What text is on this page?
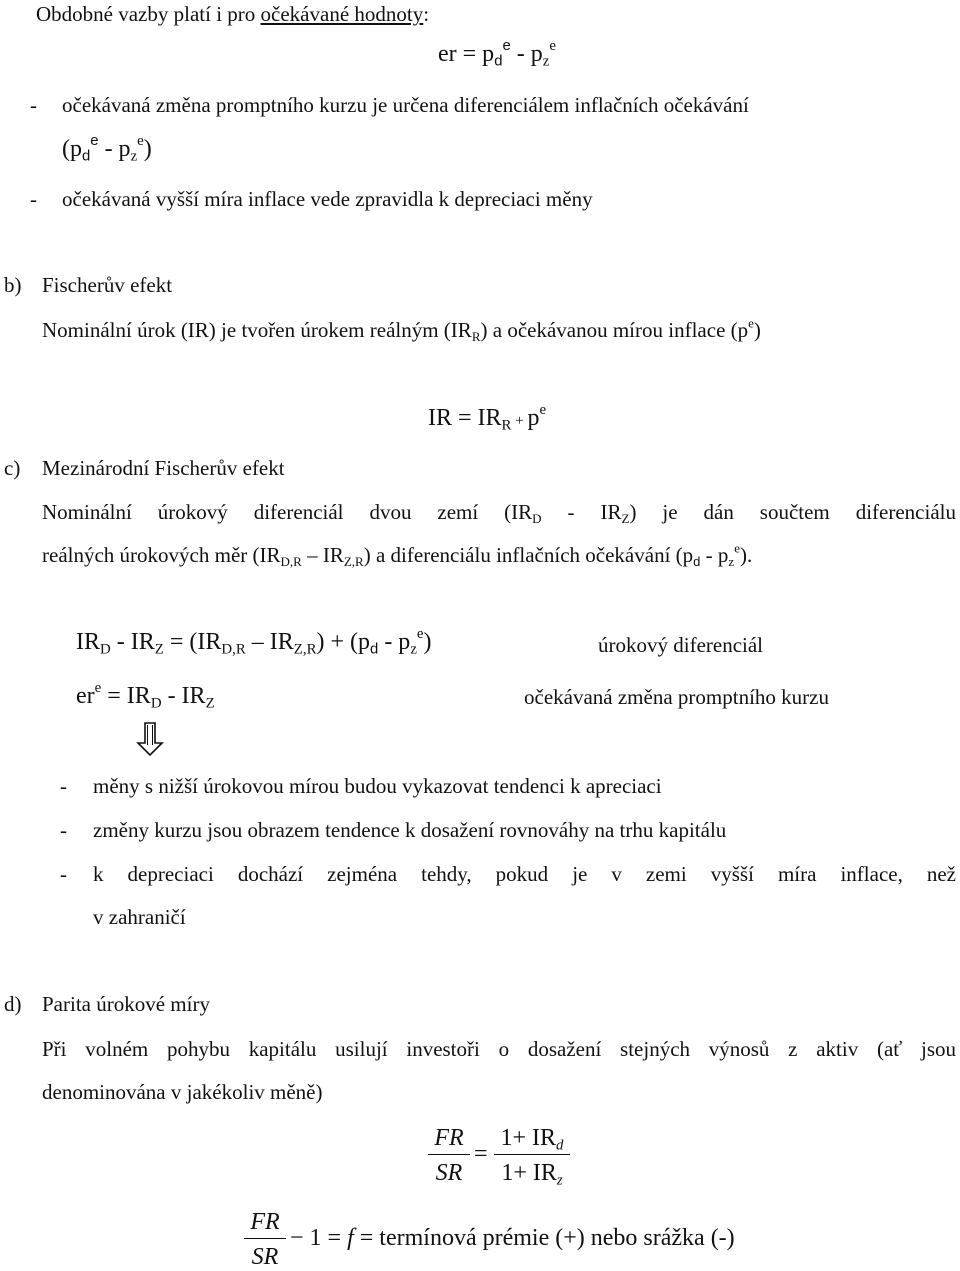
Obdobné vazby platí i pro očekávané hodnoty:
er = $p_d^e - p_z^e$
- očekávaná změna promptního kurzu je určena diferenciálem inflačních očekávání
$(p_d^e - p_z^e)$
- očekávaná vyšší míra inflace vede zpravidla k depreciaci měny
b) Fischerův efekt
Nominální úrok (IR) je tvořen úrokem reálným $(IR_R)$ a očekávanou mírou inflace $(p^e)$
IR = $IR_R + p^e$
c) Mezinárodní Fischerův efekt
Nominální úrokový diferenciál dvou zemí $(IR_D - IR_Z)$ je dán součtem diferenciálu
reálných úrokových měr $(IR_{D,R} - IR_{Z,R})$ a diferenciálu inflačních očekávání $(p_d - p_z^e)$.
$IR_D - IR_Z = (IR_{D,R} - IR_{Z,R}) + (p_d - p_z^e)$	úrokový diferenciál
$er^e = IR_D - IR_Z$	očekávaná změna promptního kurzu
- měny s nižší úrokovou mírou budou vykazovat tendenci k apreciaci
- změny kurzu jsou obrazem tendence k dosažení rovnováhy na trhu kapitálu
- k depreciaci dochází zejména tehdy, pokud je v zemi vyšší míra inflace, než
v zahraničí
d) Parita úrokové míry
Při volném pohybu kapitálu usilují investoři o dosažení stejných výnosů z aktiv (ať jsou
denominována v jakékoliv měně)
FR
SR
=
$1+ IR_d$
$1+ IR_z$
FR
SR
− 1 = f = termínová prémie (+) nebo srážka (-)
